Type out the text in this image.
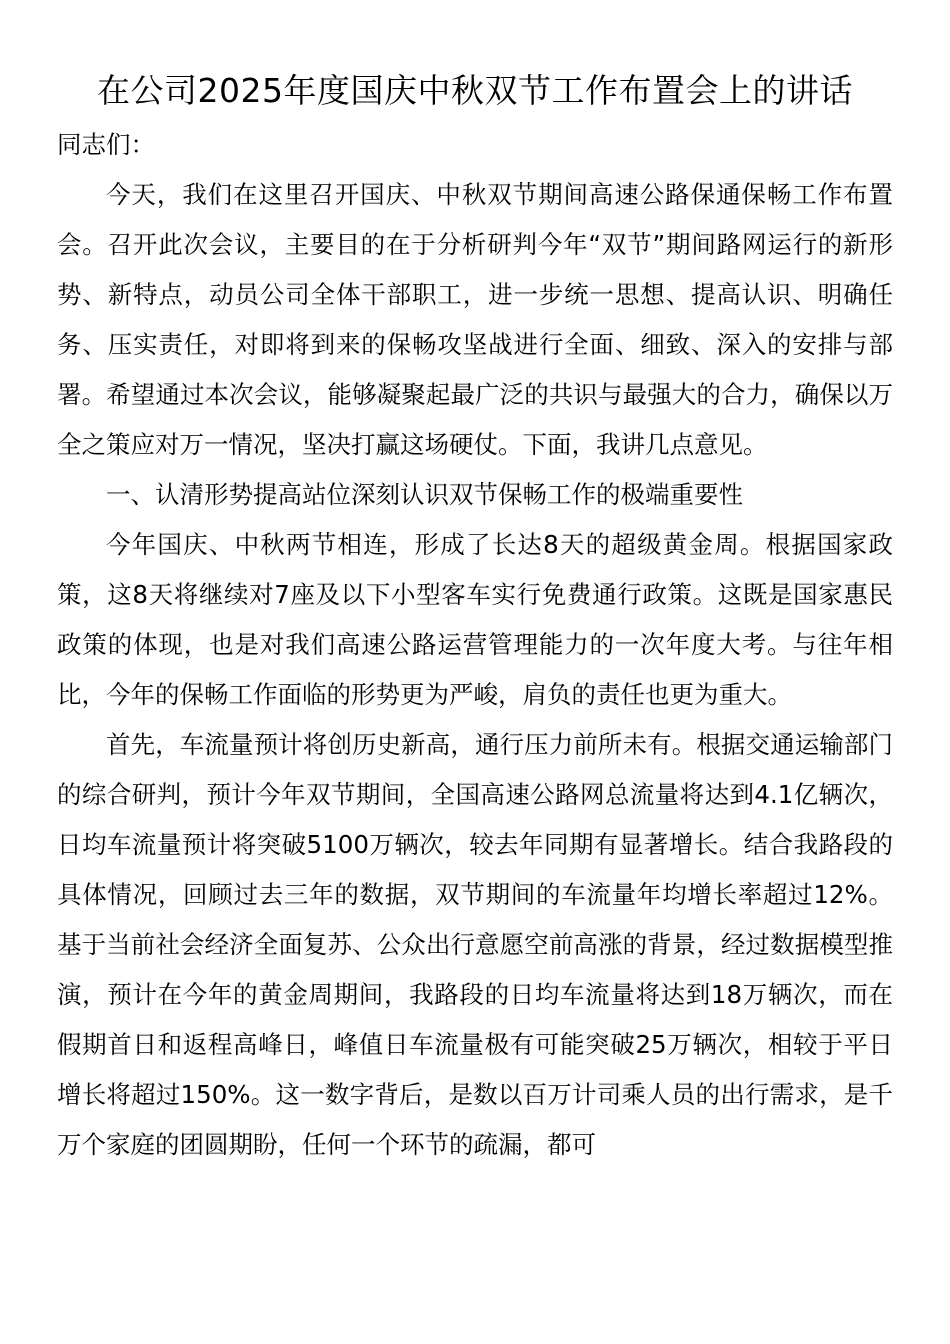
在公司2025年度国庆中秋双节工作布置会上的讲话

同志们：

今天，我们在这里召开国庆、中秋双节期间高速公路保通保畅工作布置会。召开此次会议，主要目的在于分析研判今年“双节”期间路网运行的新形势、新特点，动员公司全体干部职工，进一步统一思想、提高认识、明确任务、压实责任，对即将到来的保畅攻坚战进行全面、细致、深入的安排与部署。希望通过本次会议，能够凝聚起最广泛的共识与最强大的合力，确保以万全之策应对万一情况，坚决打赢这场硬仗。下面，我讲几点意见。

一、认清形势提高站位深刻认识双节保畅工作的极端重要性

今年国庆、中秋两节相连，形成了长达8天的超级黄金周。根据国家政策，这8天将继续对7座及以下小型客车实行免费通行政策。这既是国家惠民政策的体现，也是对我们高速公路运营管理能力的一次年度大考。与往年相比，今年的保畅工作面临的形势更为严峻，肩负的责任也更为重大。

首先，车流量预计将创历史新高，通行压力前所未有。根据交通运输部门的综合研判，预计今年双节期间，全国高速公路网总流量将达到4.1亿辆次，日均车流量预计将突破5100万辆次，较去年同期有显著增长。结合我路段的具体情况，回顾过去三年的数据，双节期间的车流量年均增长率超过12%。基于当前社会经济全面复苏、公众出行意愿空前高涨的背景，经过数据模型推演，预计在今年的黄金周期间，我路段的日均车流量将达到18万辆次，而在假期首日和返程高峰日，峰值日车流量极有可能突破25万辆次，相较于平日增长将超过150%。这一数字背后，是数以百万计司乘人员的出行需求，是千万个家庭的团圆期盼，任何一个环节的疏漏，都可
